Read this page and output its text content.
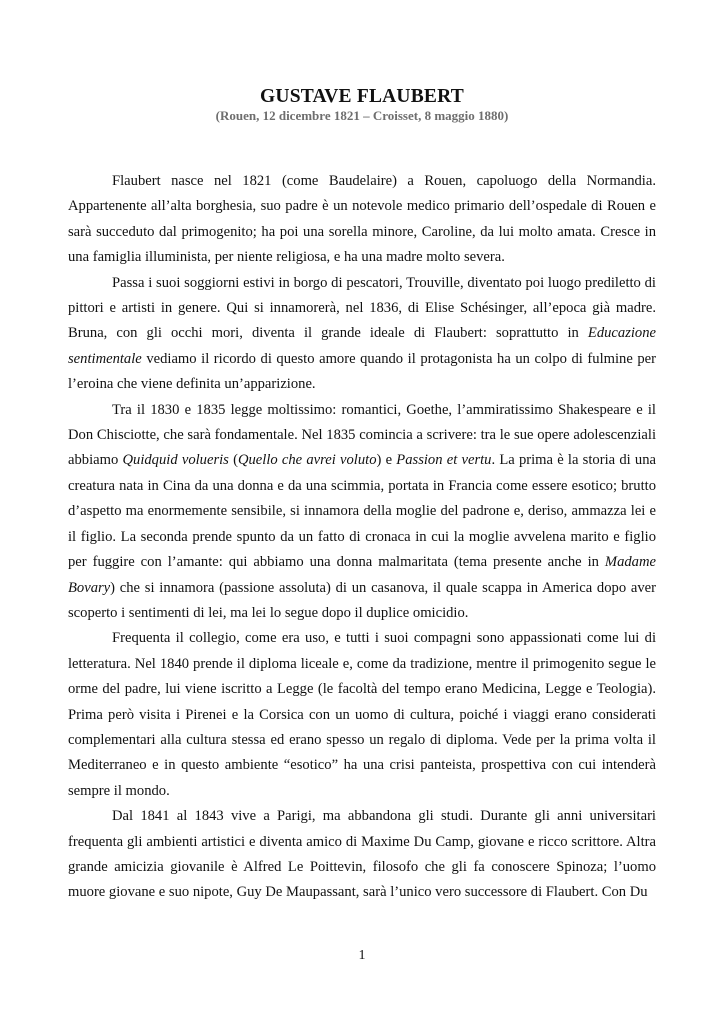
GUSTAVE FLAUBERT

(Rouen, 12 dicembre 1821 – Croisset, 8 maggio 1880)

Flaubert nasce nel 1821 (come Baudelaire) a Rouen, capoluogo della Normandia. Appartenente all’alta borghesia, suo padre è un notevole medico primario dell’ospedale di Rouen e sarà succeduto dal primogenito; ha poi una sorella minore, Caroline, da lui molto amata. Cresce in una famiglia illuminista, per niente religiosa, e ha una madre molto severa.

Passa i suoi soggiorni estivi in borgo di pescatori, Trouville, diventato poi luogo prediletto di pittori e artisti in genere. Qui si innamorerà, nel 1836, di Elise Schésinger, all’epoca già madre. Bruna, con gli occhi mori, diventa il grande ideale di Flaubert: soprattutto in Educazione sentimentale vediamo il ricordo di questo amore quando il protagonista ha un colpo di fulmine per l’eroina che viene definita un’apparizione.

Tra il 1830 e 1835 legge moltissimo: romantici, Goethe, l’ammiratissimo Shakespeare e il Don Chisciotte, che sarà fondamentale. Nel 1835 comincia a scrivere: tra le sue opere adolescenziali abbiamo Quidquid volueris (Quello che avrei voluto) e Passion et vertu. La prima è la storia di una creatura nata in Cina da una donna e da una scimmia, portata in Francia come essere esotico; brutto d’aspetto ma enormemente sensibile, si innamora della moglie del padrone e, deriso, ammazza lei e il figlio. La seconda prende spunto da un fatto di cronaca in cui la moglie avvelena marito e figlio per fuggire con l’amante: qui abbiamo una donna malmaritata (tema presente anche in Madame Bovary) che si innamora (passione assoluta) di un casanova, il quale scappa in America dopo aver scoperto i sentimenti di lei, ma lei lo segue dopo il duplice omicidio.

Frequenta il collegio, come era uso, e tutti i suoi compagni sono appassionati come lui di letteratura. Nel 1840 prende il diploma liceale e, come da tradizione, mentre il primogenito segue le orme del padre, lui viene iscritto a Legge (le facoltà del tempo erano Medicina, Legge e Teologia). Prima però visita i Pirenei e la Corsica con un uomo di cultura, poiché i viaggi erano considerati complementari alla cultura stessa ed erano spesso un regalo di diploma. Vede per la prima volta il Mediterraneo e in questo ambiente “esotico” ha una crisi panteista, prospettiva con cui intenderà sempre il mondo.

Dal 1841 al 1843 vive a Parigi, ma abbandona gli studi. Durante gli anni universitari frequenta gli ambienti artistici e diventa amico di Maxime Du Camp, giovane e ricco scrittore. Altra grande amicizia giovanile è Alfred Le Poittevin, filosofo che gli fa conoscere Spinoza; l’uomo muore giovane e suo nipote, Guy De Maupassant, sarà l’unico vero successore di Flaubert. Con Du

1
